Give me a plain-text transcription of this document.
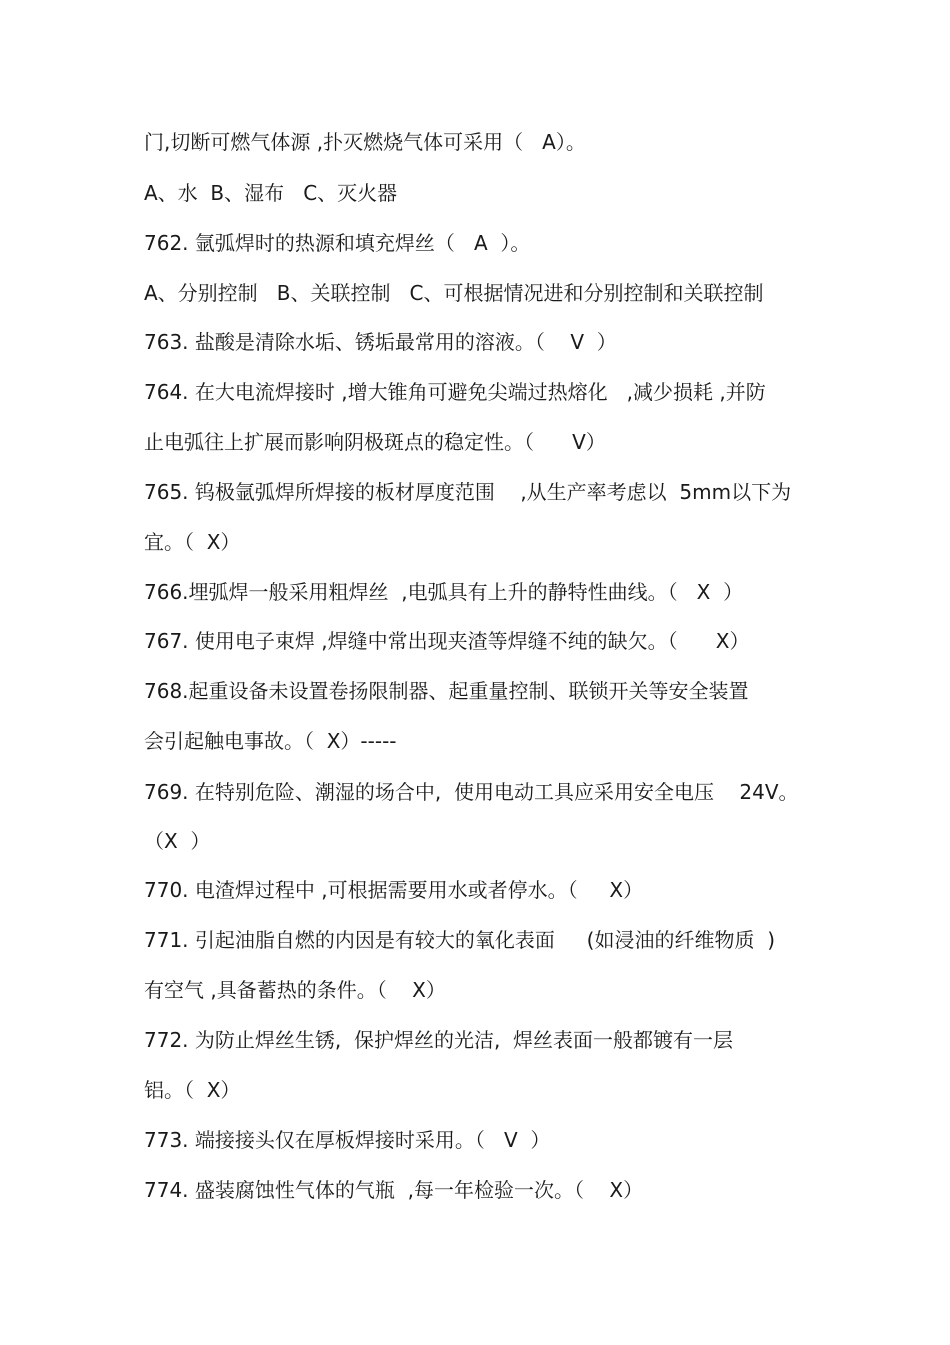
门,切断可燃气体源 ,扑灭燃烧气体可采用（   A）。
A、水  B、湿布   C、灭火器
762. 氩弧焊时的热源和填充焊丝（   A  ）。
A、分别控制   B、关联控制   C、可根据情况进和分别控制和关联控制
763. 盐酸是清除水垢、锈垢最常用的溶液。（    V  ）
764. 在大电流焊接时 ,增大锥角可避免尖端过热熔化   ,减少损耗 ,并防
止电弧往上扩展而影响阴极斑点的稳定性。（      V）
765. 钨极氩弧焊所焊接的板材厚度范围    ,从生产率考虑以  5mm以下为
宜。（  X）
766.埋弧焊一般采用粗焊丝  ,电弧具有上升的静特性曲线。（   X  ）
767. 使用电子束焊 ,焊缝中常出现夹渣等焊缝不纯的缺欠。（      X）
768.起重设备未设置卷扬限制器、起重量控制、联锁开关等安全装置
会引起触电事故。（  X）-----
769. 在特别危险、潮湿的场合中,  使用电动工具应采用安全电压    24V。
（X  ）
770. 电渣焊过程中 ,可根据需要用水或者停水。（     X）
771. 引起油脂自燃的内因是有较大的氧化表面     (如浸油的纤维物质  )
有空气 ,具备蓄热的条件。（    X）
772. 为防止焊丝生锈,  保护焊丝的光洁,  焊丝表面一般都镀有一层
铝。（  X）
773. 端接接头仅在厚板焊接时采用。（   V  ）
774. 盛装腐蚀性气体的气瓶  ,每一年检验一次。（    X）
